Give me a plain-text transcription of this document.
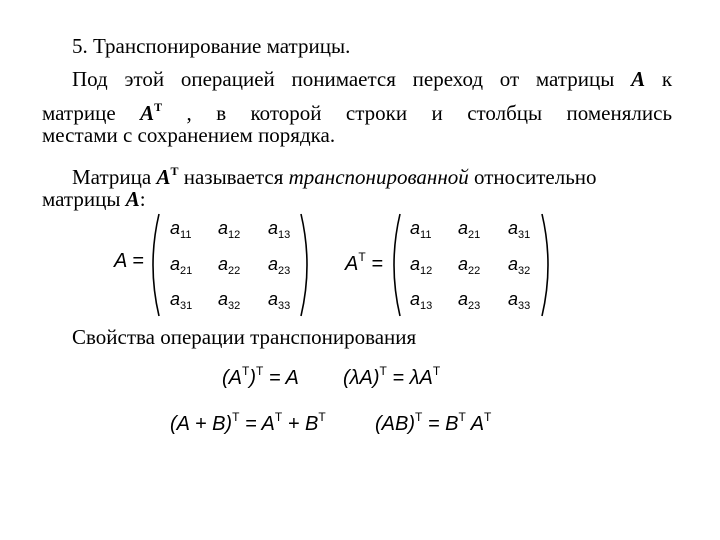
5. Транспонирование матрицы.
Под этой операцией понимается переход от матрицы A к
матрице $A^T$ , в которой строки и столбцы поменялись
местами с сохранением порядка.
Матрица $A^T$ называется транспонированной относительно
матрицы A:
A =
$a_{11}$ $a_{12}$ $a_{13}$
$a_{21}$ $a_{22}$ $a_{23}$
$a_{31}$ $a_{32}$ $a_{33}$
$A^T$ =
$a_{11}$ $a_{21}$ $a_{31}$
$a_{12}$ $a_{22}$ $a_{32}$
$a_{13}$ $a_{23}$ $a_{33}$
Свойства операции транспонирования
$(A^T)^T = A$ $(\lambda A)^T = \lambda A^T$
$(A + B)^T = A^T + B^T$ $(AB)^T = B^T$ $A^T$
